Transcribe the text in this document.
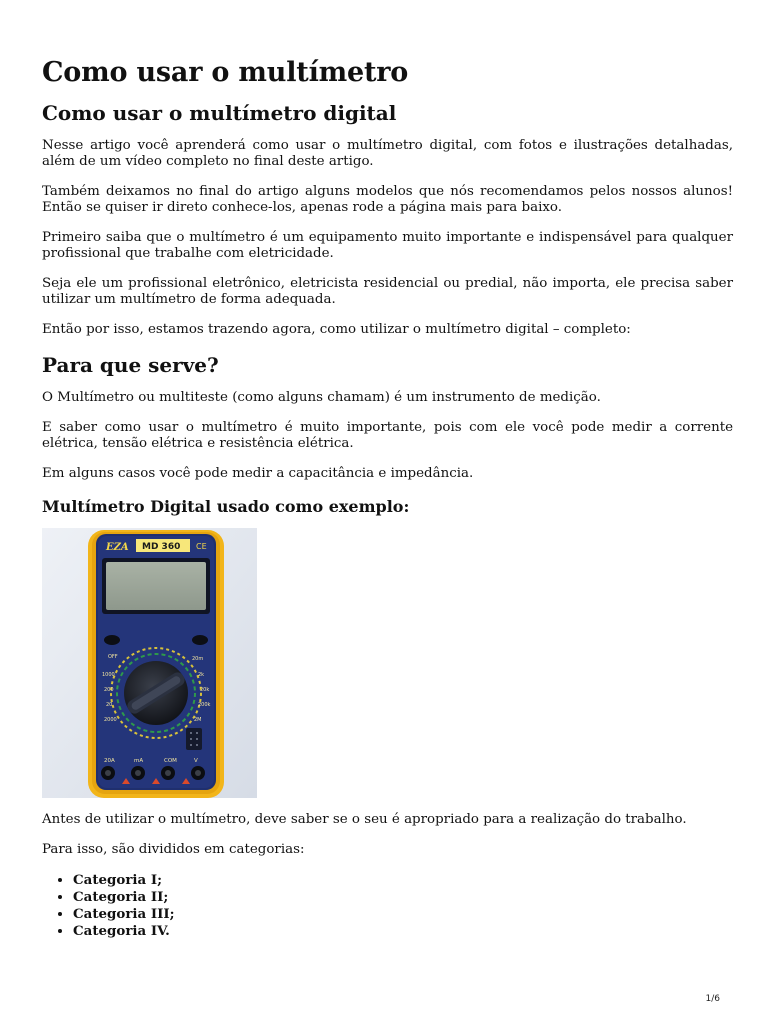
Como usar o multímetro
Como usar o multímetro digital

Nesse artigo você aprenderá como usar o multímetro digital, com fotos e ilustrações detalhadas, além de um vídeo completo no final deste artigo.

Também deixamos no final do artigo alguns modelos que nós recomendamos pelos nossos alunos! Então se quiser ir direto conhece-los, apenas rode a página mais para baixo.

Primeiro saiba que o multímetro é um equipamento muito importante e indispensável para qualquer profissional que trabalhe com eletricidade.

Seja ele um profissional eletrônico, eletricista residencial ou predial, não importa, ele precisa saber utilizar um multímetro de forma adequada.

Então por isso, estamos trazendo agora, como utilizar o multímetro digital – completo:

Para que serve?

O Multímetro ou multiteste (como alguns chamam) é um instrumento de medição.

E saber como usar o multímetro é muito importante, pois com ele você pode medir a corrente elétrica, tensão elétrica e resistência elétrica.

Em alguns casos você pode medir a capacitância e impedância.

Multímetro Digital usado como exemplo:
EZA MD 360 CE
OFF
1000
200
20
2000
20m
2k
20k
200k
2M
20A	mA	COM	V

Antes de utilizar o multímetro, deve saber se o seu é apropriado para a realização do trabalho.

Para isso, são divididos em categorias:

• Categoria I;
• Categoria II;
• Categoria III;
• Categoria IV.
1/6
